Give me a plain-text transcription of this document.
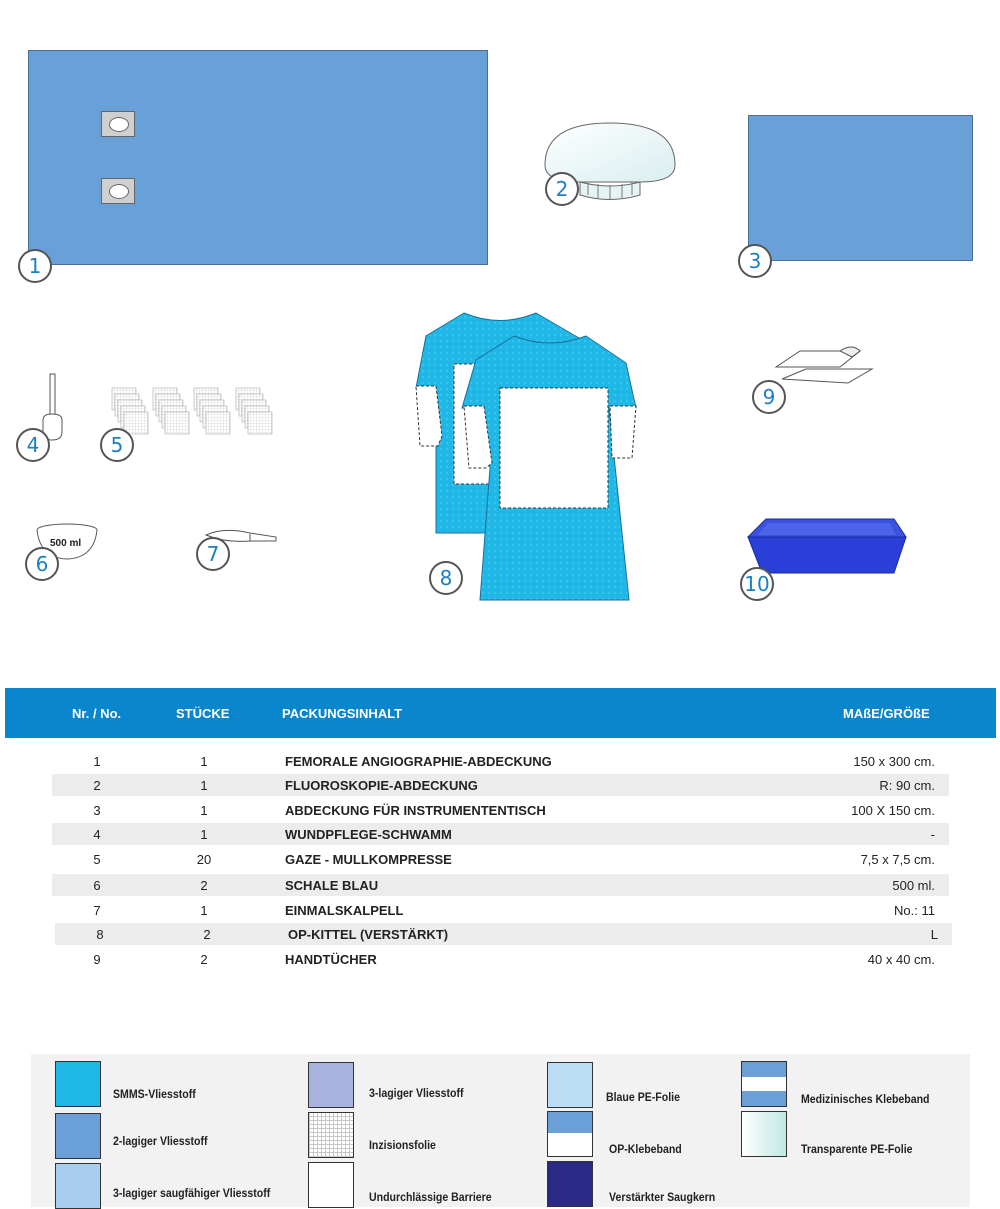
1
2
3
4	5
500 ml
6	7
8
9
10
Nr. / No.	STÜCKE	PACKUNGSINHALT	MAßE/GRÖßE
1	1	FEMORALE ANGIOGRAPHIE-ABDECKUNG	150 x 300 cm.
2	1	FLUOROSKOPIE-ABDECKUNG	R: 90 cm.
3	1	ABDECKUNG FÜR INSTRUMENTENTISCH	100 X 150 cm.
4	1	WUNDPFLEGE-SCHWAMM	-
5	20	GAZE - MULLKOMPRESSE	7,5 x 7,5 cm.
6	2	SCHALE BLAU	500 ml.
7	1	EINMALSKALPELL	No.: 11
8	2	OP-KITTEL (VERSTÄRKT)	L
9	2	HANDTÜCHER	40 x 40 cm.
SMMS-Vliesstoff
2-lagiger Vliesstoff
3-lagiger saugfähiger Vliesstoff
3-lagiger Vliesstoff
Inzisionsfolie
Undurchlässige Barriere
Blaue PE-Folie
OP-Klebeband
Verstärkter Saugkern
Medizinisches Klebeband
Transparente PE-Folie
